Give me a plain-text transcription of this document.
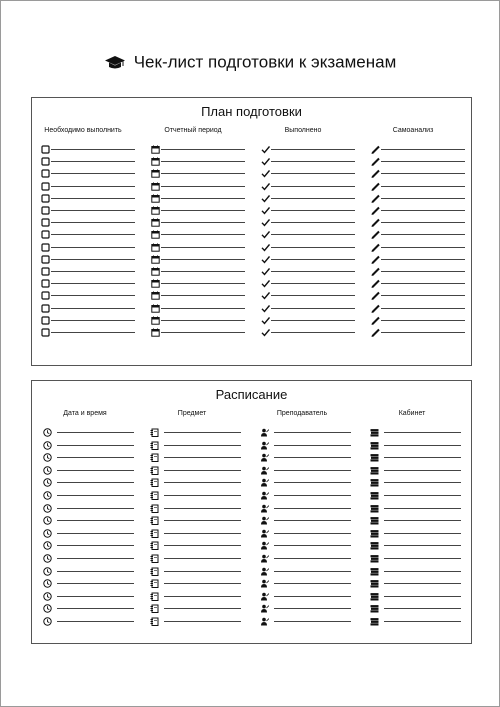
Чек-лист подготовки к экзаменам
План подготовки
Необходимо выполнить	Отчетный период	Выполнено	Самоанализ
Расписание
Дата и время	Предмет	Преподаватель	Кабинет
